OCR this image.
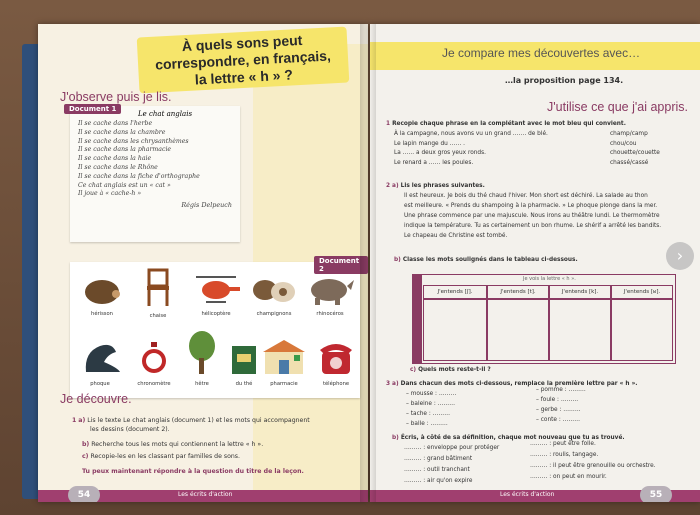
À quels sons peut correspondre, en français, la lettre « h » ?
J'observe puis je lis.
Document 1
Le chat anglais
Il se cache dans l'herbe
Il se cache dans la chambre
Il se cache dans les chrysanthèmes
Il se cache dans la pharmacie
Il se cache dans la haie
Il se cache dans le Rhône
Il se cache dans la fiche d'orthographe
Ce chat anglais est un « cat »
Il joue à « cache-h »
Régis Delpeuch
Document 2
hérisson	chaise	hélicoptère	champignons	rhinocéros
phoque	chronomètre	hêtre	du thé	pharmacie	téléphone
Je découvre.
1 a) Lis le texte Le chat anglais (document 1) et les mots qui accompagnent
les dessins (document 2).
b) Recherche tous les mots qui contiennent la lettre « h ».
c) Recopie-les en les classant par familles de sons.
Tu peux maintenant répondre à la question du titre de la leçon.
54	Les écrits d'action
Je compare mes découvertes avec…
…la proposition page 134.
J'utilise ce que j'ai appris.
1 Recopie chaque phrase en la complétant avec le mot bleu qui convient.
À la campagne, nous avons vu un grand ……. de blé.	champ/camp
Le lapin mange du …… .	chou/cou
La …… a deux gros yeux ronds.	chouette/couette
Le renard a …… les poules.	chassé/cassé
2 a) Lis les phrases suivantes.
Il est heureux. Je bois du thé chaud l'hiver. Mon short est déchiré. La salade au thon
est meilleure. « Prends du shampoing à la pharmacie. » Le phoque plonge dans la mer.
Une phrase commence par une majuscule. Nous irons au théâtre lundi. Le thermomètre
indique la température. Tu as certainement un bon rhume. Le shérif a arrêté les bandits.
Le chapeau de Christine est tombé.
b) Classe les mots soulignés dans le tableau ci-dessous.
Je vois la lettre « h ».
J'entends [ʃ].	J'entends [t].	J'entends [k].	J'entends [ʁ].
c) Quels mots reste-t-il ?
3 a) Dans chacun des mots ci-dessous, remplace la première lettre par « h ».
– mousse : ………
– baleine : ………
– tache : ………
– balle : ………
– pomme : ………
– foule : ………
– gerbe : ………
– conte : ………
b) Écris, à côté de sa définition, chaque mot nouveau que tu as trouvé.
……… : enveloppe pour protéger
……… : grand bâtiment
……… : outil tranchant
……… : air qu'on expire
……… : peut être folle.
……… : roulis, tangage.
……… : il peut être grenouille ou orchestre.
……… : on peut en mourir.
Les écrits d'action	55
›
